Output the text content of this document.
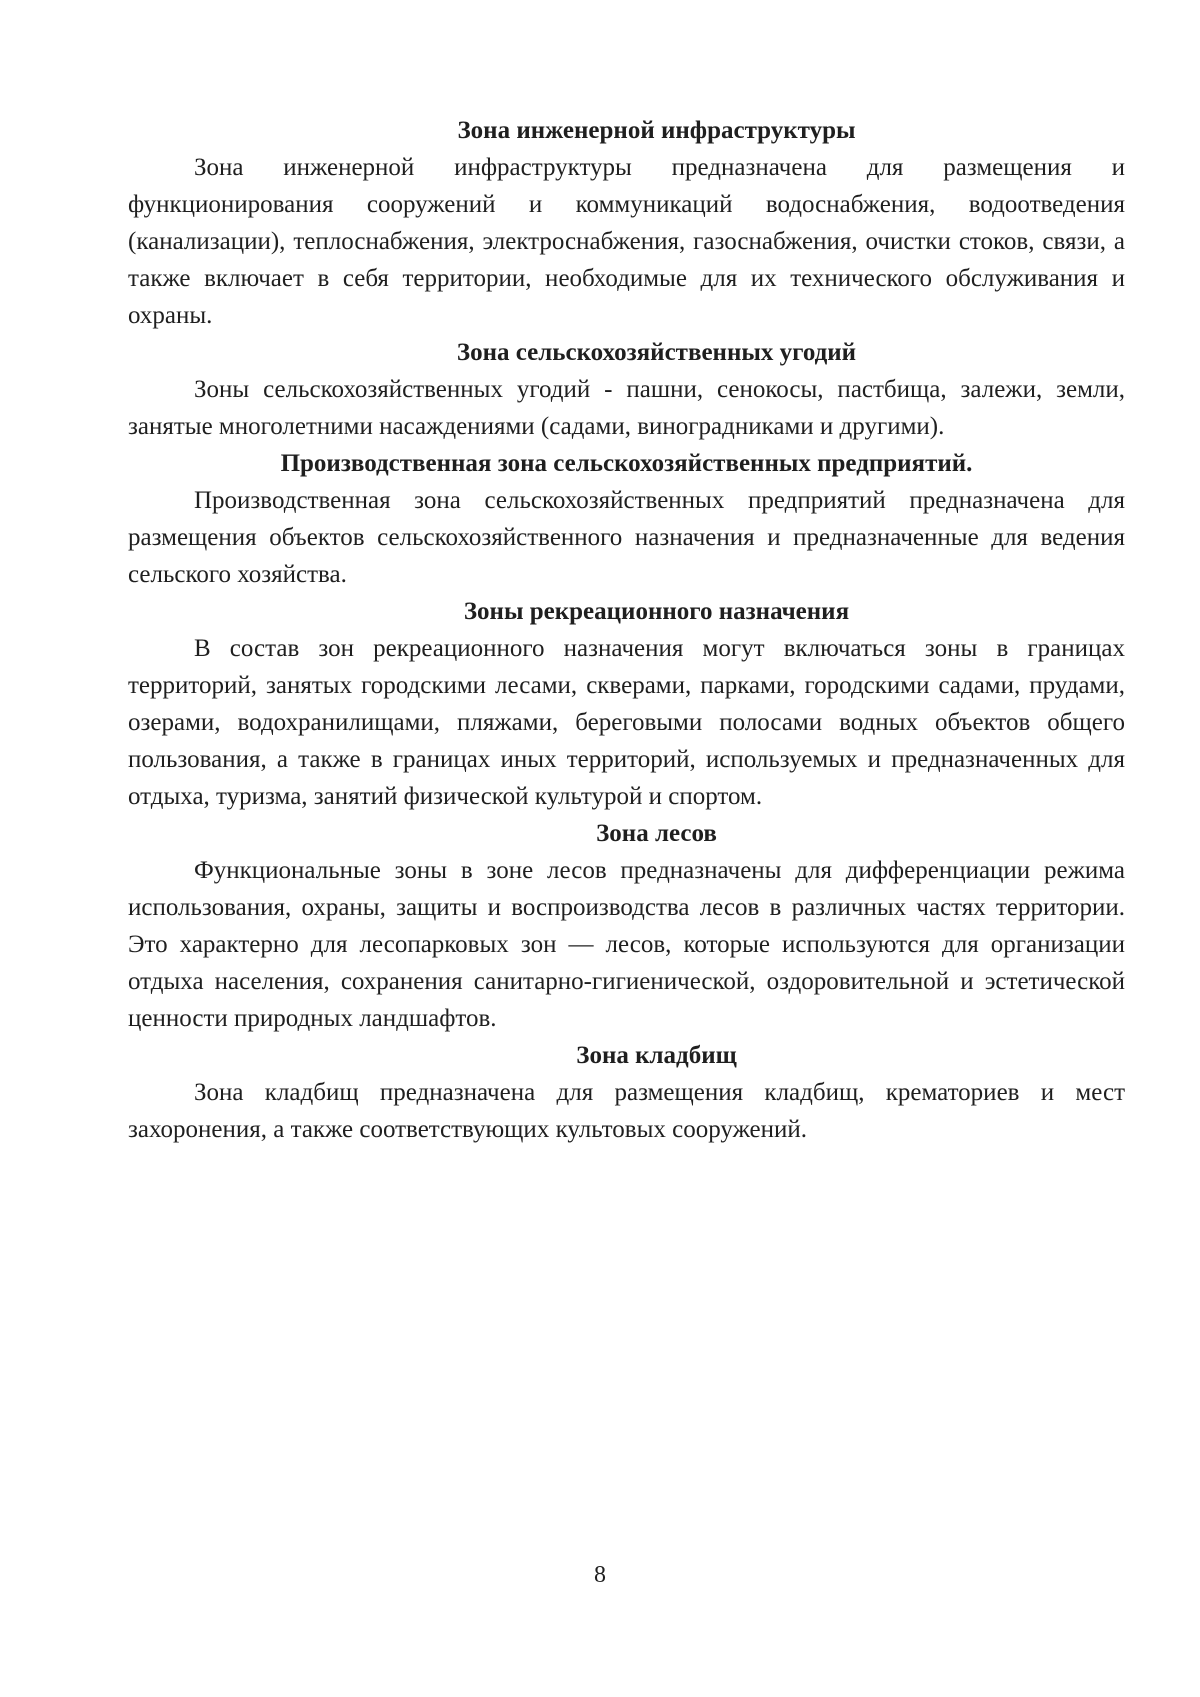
Зона инженерной инфраструктуры

Зона инженерной инфраструктуры предназначена для размещения и функционирования сооружений и коммуникаций водоснабжения, водоотведения (канализации), теплоснабжения, электроснабжения, газоснабжения, очистки стоков, связи, а также включает в себя территории, необходимые для их технического обслуживания и охраны.

Зона сельскохозяйственных угодий

Зоны сельскохозяйственных угодий - пашни, сенокосы, пастбища, залежи, земли, занятые многолетними насаждениями (садами, виноградниками и другими).

Производственная зона сельскохозяйственных предприятий.

Производственная зона сельскохозяйственных предприятий предназначена для размещения объектов сельскохозяйственного назначения и предназначенные для ведения сельского хозяйства.

Зоны рекреационного назначения

В состав зон рекреационного назначения могут включаться зоны в границах территорий, занятых городскими лесами, скверами, парками, городскими садами, прудами, озерами, водохранилищами, пляжами, береговыми полосами водных объектов общего пользования, а также в границах иных территорий, используемых и предназначенных для отдыха, туризма, занятий физической культурой и спортом.

Зона лесов

Функциональные зоны в зоне лесов предназначены для дифференциации режима использования, охраны, защиты и воспроизводства лесов в различных частях территории. Это характерно для лесопарковых зон — лесов, которые используются для организации отдыха населения, сохранения санитарно-гигиенической, оздоровительной и эстетической ценности природных ландшафтов.

Зона кладбищ

Зона кладбищ предназначена для размещения кладбищ, крематориев и мест захоронения, а также соответствующих культовых сооружений.

8
